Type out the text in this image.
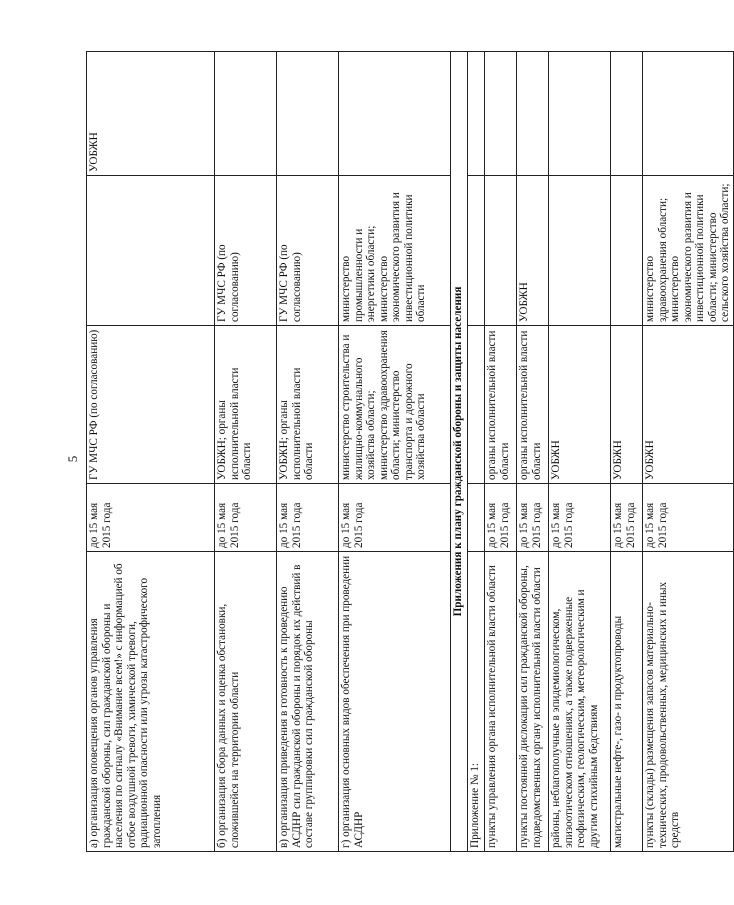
5
а) организация оповещения органов управления гражданской обороны, сил гражданской обороны и населения по сигналу «Внимание всем!» с информацией об отбое воздушной тревоги, химической тревоги, радиационной опасности или угрозы катастрофического затопления	до 15 мая 2015 года	ГУ МЧС РФ (по согласованию)		УОБЖН
б) организация сбора данных и оценка обстановки, сложившейся на территории области	до 15 мая 2015 года	УОБЖН; органы исполнительной власти области	ГУ МЧС РФ (по согласованию)	
в) организация приведения в готовность к проведению АСДНР сил гражданской обороны и порядок их действий в составе группировки сил гражданской обороны	до 15 мая 2015 года	УОБЖН; органы исполнительной власти области	ГУ МЧС РФ (по согласованию)	
г) организация основных видов обеспечения при проведении АСДНР	до 15 мая 2015 года	министерство строительства и жилищно-коммунального хозяйства области; министерство здравоохранения области; министерство транспорта и дорожного хозяйства области	министерство промышленности и энергетики области; министерство экономического развития и инвестиционной политики области	
Приложения к плану гражданской обороны и защиты населения				
Приложение № 1:				
пункты управления органа исполнительной власти области	до 15 мая 2015 года	органы исполнительной власти области		
пункты постоянной дислокации сил гражданской обороны, подведомственных органу исполнительной власти области	до 15 мая 2015 года	органы исполнительной власти области	УОБЖН	
районы, неблагополучные в эпидемиологическом, эпизоотическом отношениях, а также подверженные геофизическим, геологическим, метеорологическим и другим стихийным бедствиям	до 15 мая 2015 года	УОБЖН		
магистральные нефте-, газо- и продуктопроводы	до 15 мая 2015 года	УОБЖН		
пункты (склады) размещения запасов материально-технических, продовольственных, медицинских и иных средств	до 15 мая 2015 года	УОБЖН	министерство здравоохранения области; министерство экономического развития и инвестиционной политики области; министерство сельского хозяйства области;	
